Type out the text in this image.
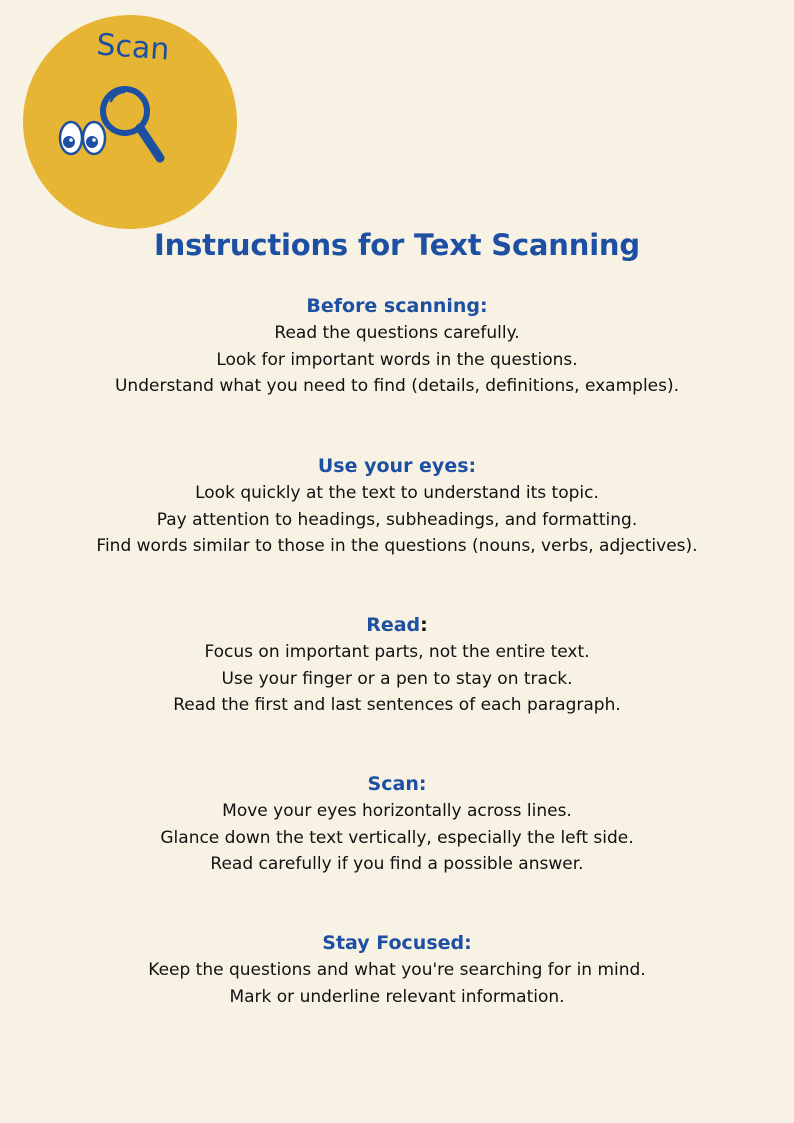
Scan
Instructions for Text Scanning

Before scanning:

Read the questions carefully.

Look for important words in the questions.

Understand what you need to find (details, definitions, examples).

Use your eyes:

Look quickly at the text to understand its topic.

Pay attention to headings, subheadings, and formatting.

Find words similar to those in the questions (nouns, verbs, adjectives).

Read:

Focus on important parts, not the entire text.

Use your finger or a pen to stay on track.

Read the first and last sentences of each paragraph.

Scan:

Move your eyes horizontally across lines.

Glance down the text vertically, especially the left side.

Read carefully if you find a possible answer.

Stay Focused:

Keep the questions and what you're searching for in mind.

Mark or underline relevant information.
